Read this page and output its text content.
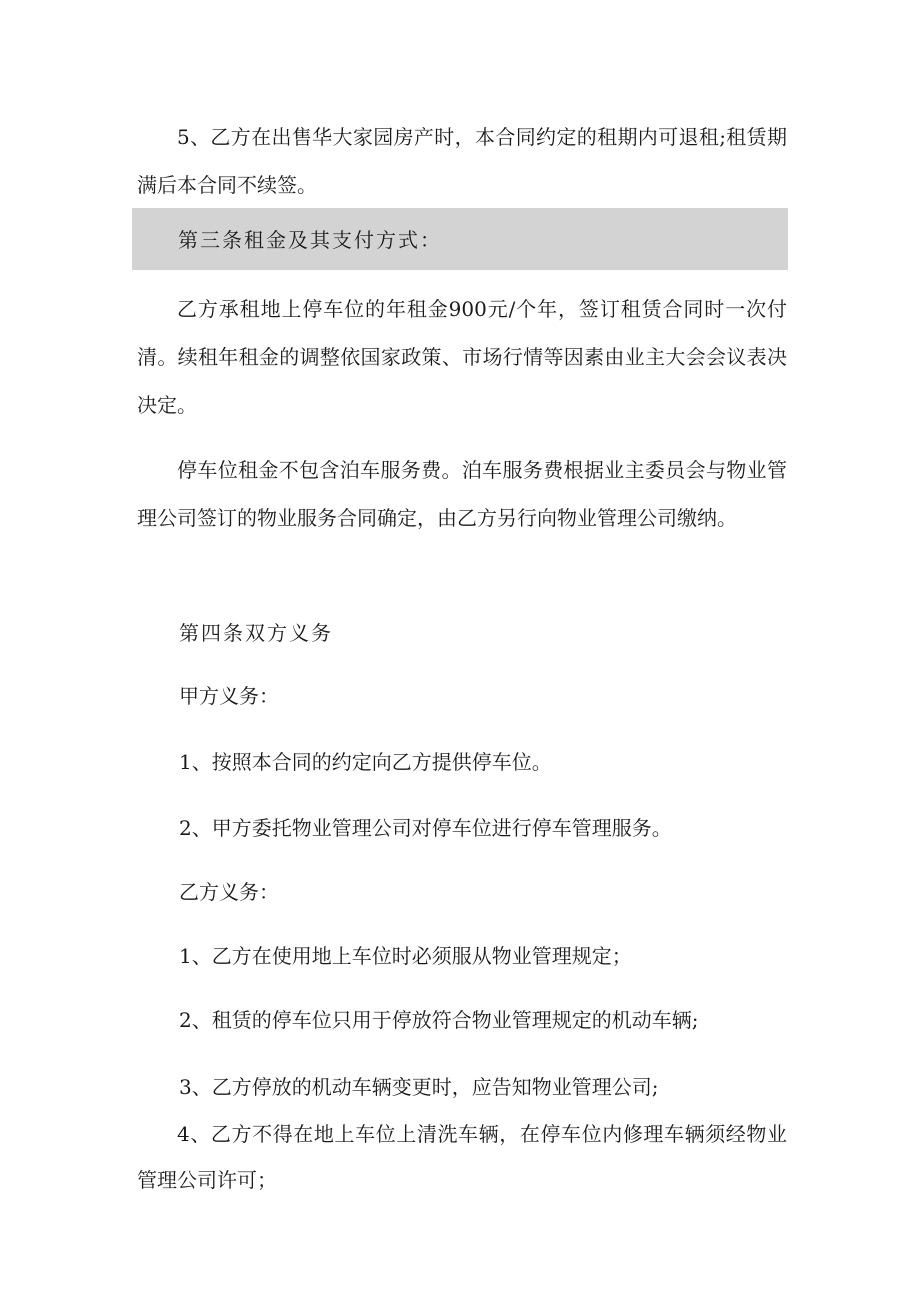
5、乙方在出售华大家园房产时，本合同约定的租期内可退租;租赁期满后本合同不续签。

第三条租金及其支付方式：

乙方承租地上停车位的年租金900元/个年，签订租赁合同时一次付清。续租年租金的调整依国家政策、市场行情等因素由业主大会会议表决决定。

停车位租金不包含泊车服务费。泊车服务费根据业主委员会与物业管理公司签订的物业服务合同确定，由乙方另行向物业管理公司缴纳。

第四条双方义务

甲方义务：

1、按照本合同的约定向乙方提供停车位。

2、甲方委托物业管理公司对停车位进行停车管理服务。

乙方义务：

1、乙方在使用地上车位时必须服从物业管理规定；

2、租赁的停车位只用于停放符合物业管理规定的机动车辆;

3、乙方停放的机动车辆变更时，应告知物业管理公司;

4、乙方不得在地上车位上清洗车辆，在停车位内修理车辆须经物业管理公司许可；
